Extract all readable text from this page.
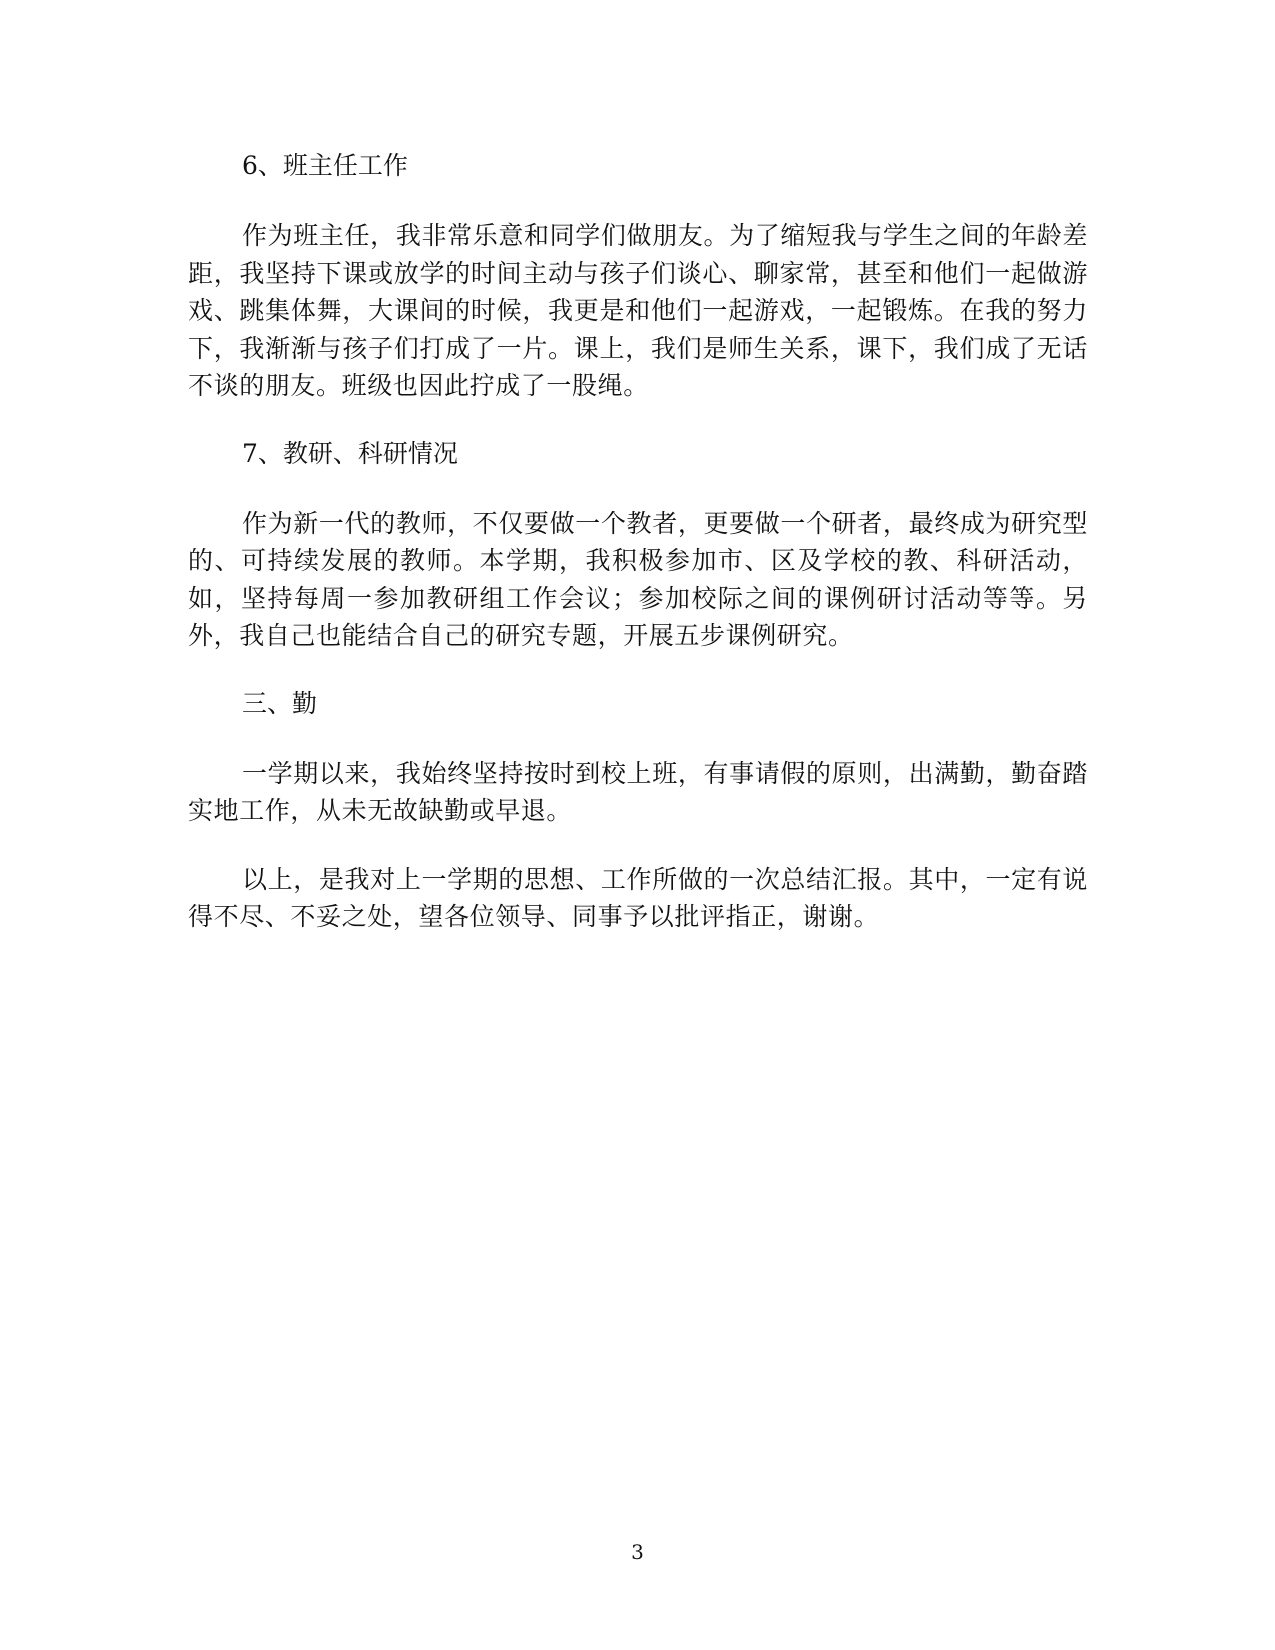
6、班主任工作

作为班主任，我非常乐意和同学们做朋友。为了缩短我与学生之间的年龄差距，我坚持下课或放学的时间主动与孩子们谈心、聊家常，甚至和他们一起做游戏、跳集体舞，大课间的时候，我更是和他们一起游戏，一起锻炼。在我的努力下，我渐渐与孩子们打成了一片。课上，我们是师生关系，课下，我们成了无话不谈的朋友。班级也因此拧成了一股绳。

7、教研、科研情况

作为新一代的教师，不仅要做一个教者，更要做一个研者，最终成为研究型的、可持续发展的教师。本学期，我积极参加市、区及学校的教、科研活动，如，坚持每周一参加教研组工作会议；参加校际之间的课例研讨活动等等。另外，我自己也能结合自己的研究专题，开展五步课例研究。

三、勤

一学期以来，我始终坚持按时到校上班，有事请假的原则，出满勤，勤奋踏实地工作，从未无故缺勤或早退。

以上，是我对上一学期的思想、工作所做的一次总结汇报。其中，一定有说得不尽、不妥之处，望各位领导、同事予以批评指正，谢谢。

3
